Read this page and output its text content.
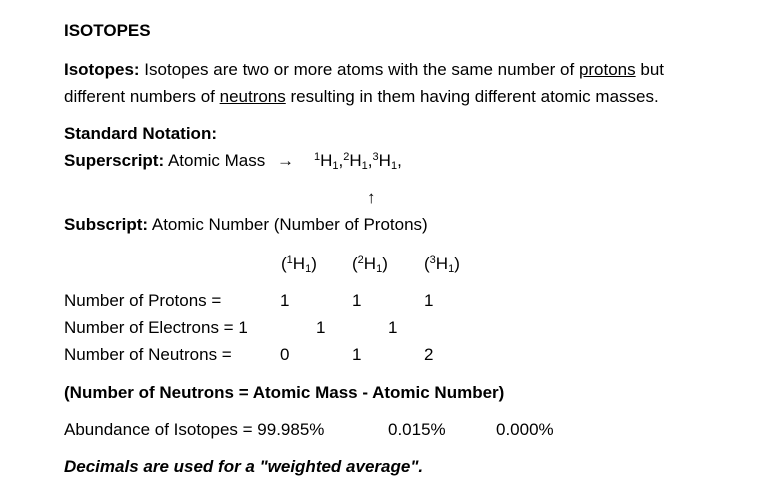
ISOTOPES
Isotopes: Isotopes are two or more atoms with the same number of protons but
different numbers of neutrons resulting in them having different atomic masses.
Standard Notation:
Superscript: Atomic Mass → $^1H_1,^2H_1,^3H_1$,
↑
Subscript: Atomic Number (Number of Protons)
$(^1H_1)$ $(^2H_1)$ $(^3H_1)$
Number of Protons =	1	1	1
Number of Electrons = 1	1	1
Number of Neutrons =	0	1	2
(Number of Neutrons = Atomic Mass - Atomic Number)
Abundance of Isotopes = 99.985%	0.015%	0.000%
Decimals are used for a "weighted average".
